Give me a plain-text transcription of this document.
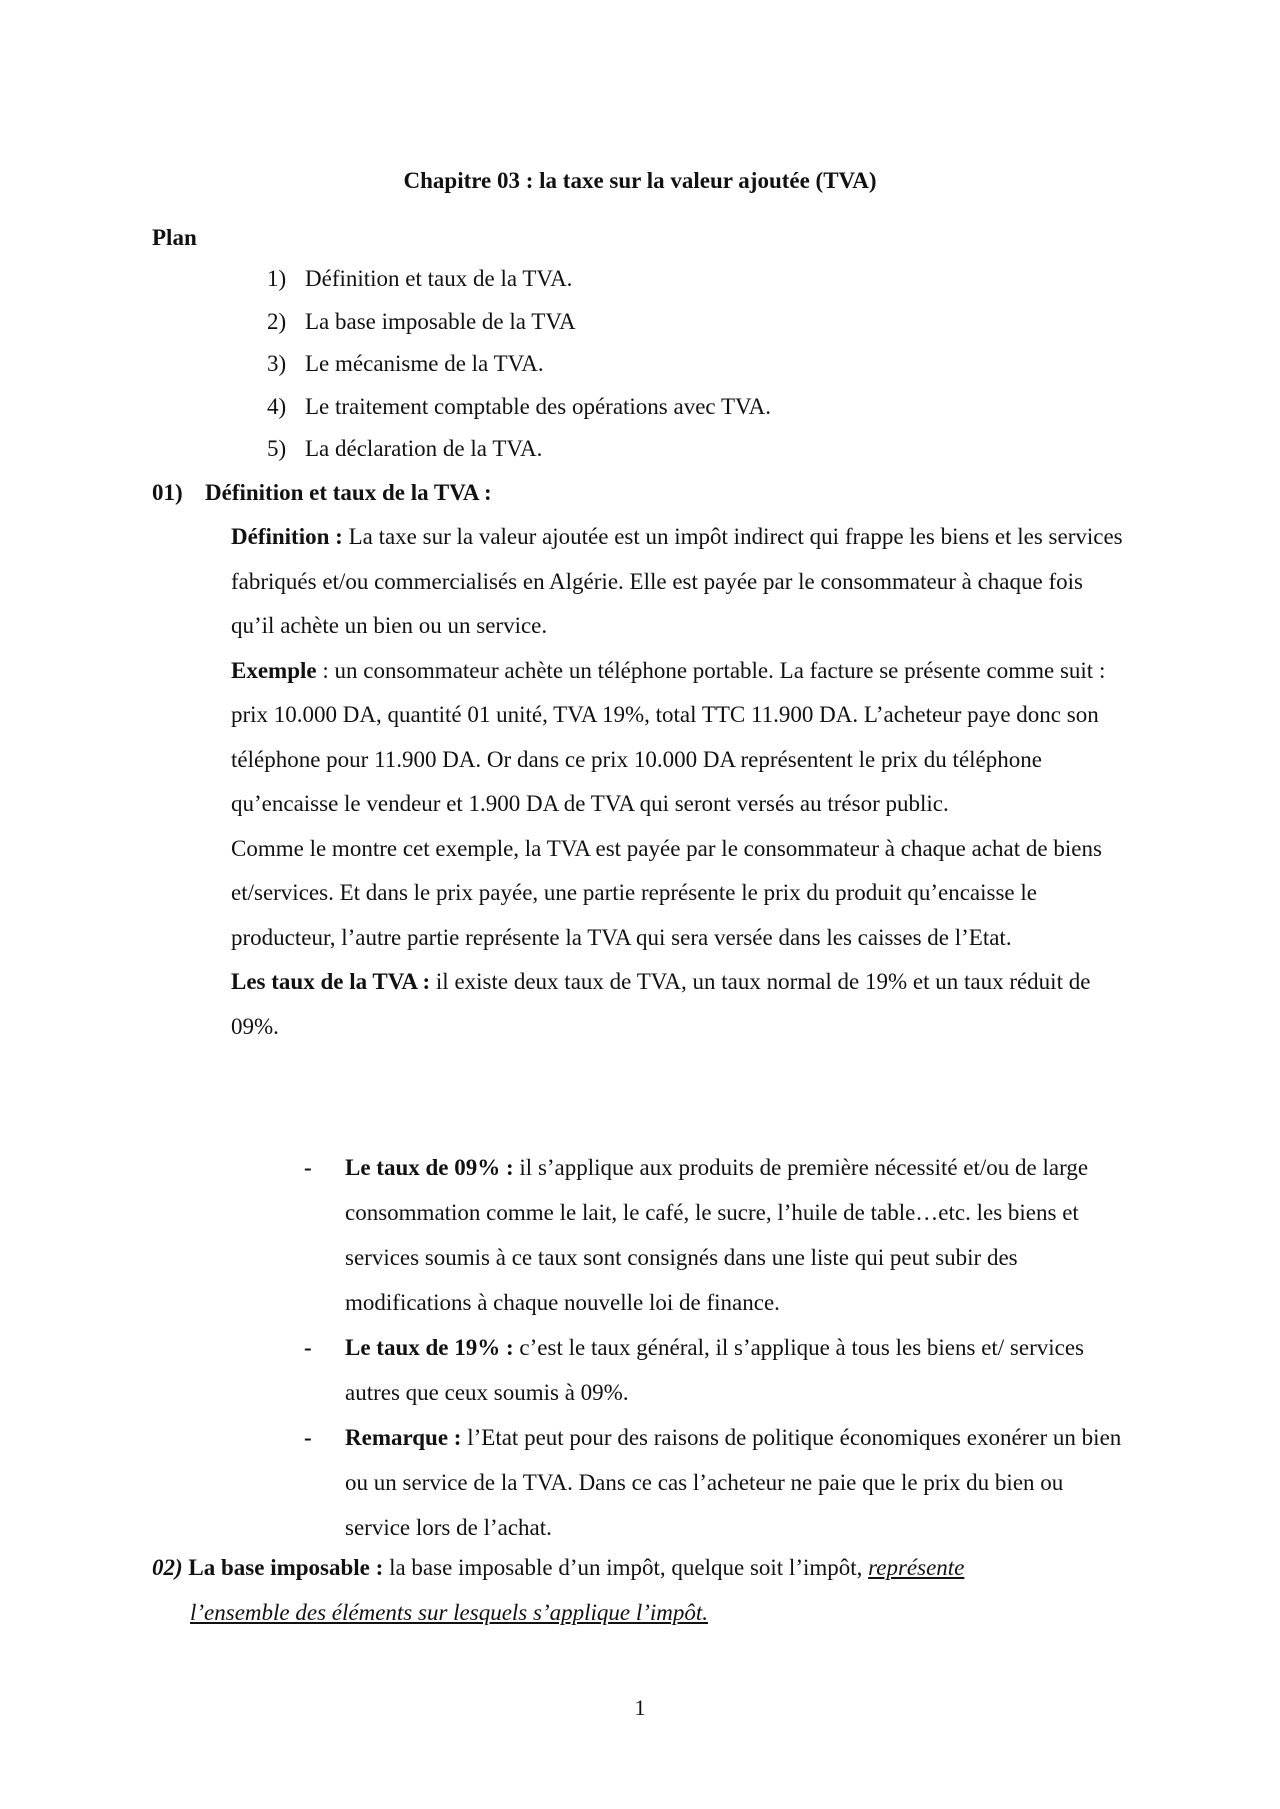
Chapitre 03 : la taxe sur la valeur ajoutée (TVA)
Plan
1) Définition et taux de la TVA.
2) La base imposable de la TVA
3) Le mécanisme de la TVA.
4) Le traitement comptable des opérations avec TVA.
5) La déclaration de la TVA.
01) Définition et taux de la TVA :

Définition : La taxe sur la valeur ajoutée est un impôt indirect qui frappe les biens et les services fabriqués et/ou commercialisés en Algérie. Elle est payée par le consommateur à chaque fois qu’il achète un bien ou un service.

Exemple : un consommateur achète un téléphone portable. La facture se présente comme suit : prix 10.000 DA, quantité 01 unité, TVA 19%, total TTC 11.900 DA. L’acheteur paye donc son téléphone pour 11.900 DA. Or dans ce prix 10.000 DA représentent le prix du téléphone qu’encaisse le vendeur et 1.900 DA de TVA qui seront versés au trésor public.

Comme le montre cet exemple, la TVA est payée par le consommateur à chaque achat de biens et/services. Et dans le prix payée, une partie représente le prix du produit qu’encaisse le producteur, l’autre partie représente la TVA qui sera versée dans les caisses de l’Etat.

Les taux de la TVA : il existe deux taux de TVA, un taux normal de 19% et un taux réduit de 09%.

- Le taux de 09% : il s’applique aux produits de première nécessité et/ou de large consommation comme le lait, le café, le sucre, l’huile de table…etc. les biens et services soumis à ce taux sont consignés dans une liste qui peut subir des modifications à chaque nouvelle loi de finance.
- Le taux de 19% : c’est le taux général, il s’applique à tous les biens et/ services autres que ceux soumis à 09%.
- Remarque : l’Etat peut pour des raisons de politique économiques exonérer un bien ou un service de la TVA. Dans ce cas l’acheteur ne paie que le prix du bien ou service lors de l’achat.
02) La base imposable : la base imposable d’un impôt, quelque soit l’impôt, représente
l’ensemble des éléments sur lesquels s’applique l’impôt.
1
